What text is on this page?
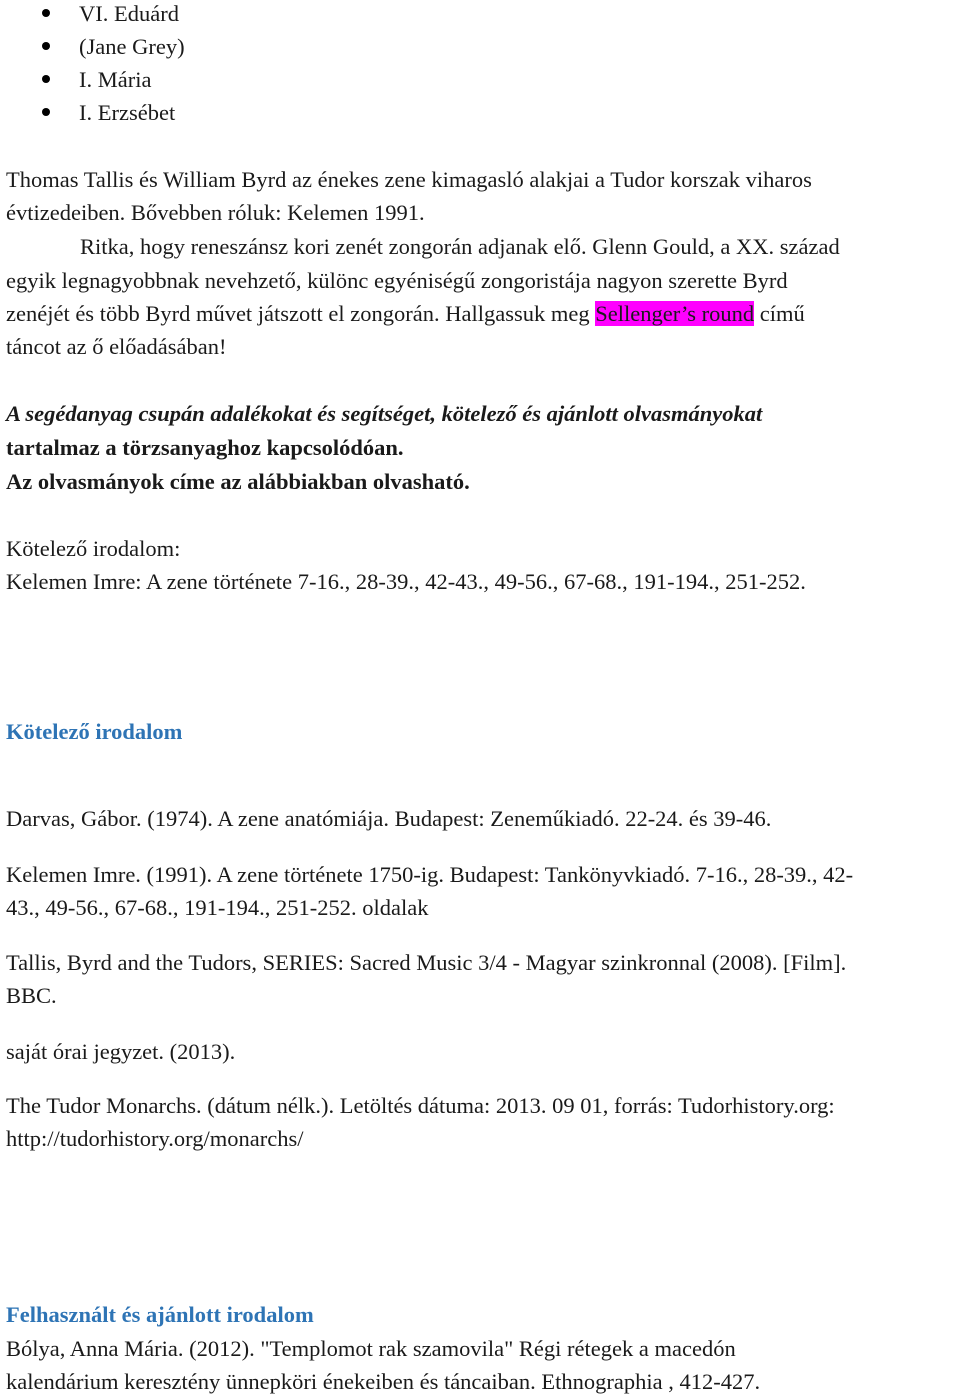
VI. Eduárd
(Jane Grey)
I. Mária
I. Erzsébet
Thomas Tallis és William Byrd az énekes zene kimagasló alakjai a Tudor korszak viharos
évtizedeiben. Bővebben róluk: Kelemen 1991.
Ritka, hogy reneszánsz kori zenét zongorán adjanak elő. Glenn Gould, a XX. század
egyik legnagyobbnak nevehzető, különc egyéniségű zongoristája nagyon szerette Byrd
zenéjét és több Byrd művet játszott el zongorán. Hallgassuk meg Sellenger’s round című
táncot az ő előadásában!
A segédanyag csupán adalékokat és segítséget, kötelező és ajánlott olvasmányokat
tartalmaz a törzsanyaghoz kapcsolódóan.
Az olvasmányok címe az alábbiakban olvasható.
Kötelező irodalom:
Kelemen Imre: A zene története 7-16., 28-39., 42-43., 49-56., 67-68., 191-194., 251-252.
Kötelező irodalom
Darvas, Gábor. (1974). A zene anatómiája. Budapest: Zeneműkiadó. 22-24. és 39-46.
Kelemen Imre. (1991). A zene története 1750-ig. Budapest: Tankönyvkiadó. 7-16., 28-39., 42-
43., 49-56., 67-68., 191-194., 251-252. oldalak
Tallis, Byrd and the Tudors, SERIES: Sacred Music 3/4 - Magyar szinkronnal (2008). [Film].
BBC.
saját órai jegyzet. (2013).
The Tudor Monarchs. (dátum nélk.). Letöltés dátuma: 2013. 09 01, forrás: Tudorhistory.org:
http://tudorhistory.org/monarchs/
Felhasznált és ajánlott irodalom
Bólya, Anna Mária. (2012). "Templomot rak szamovila" Régi rétegek a macedón
kalendárium keresztény ünnepköri énekeiben és táncaiban. Ethnographia , 412-427.
